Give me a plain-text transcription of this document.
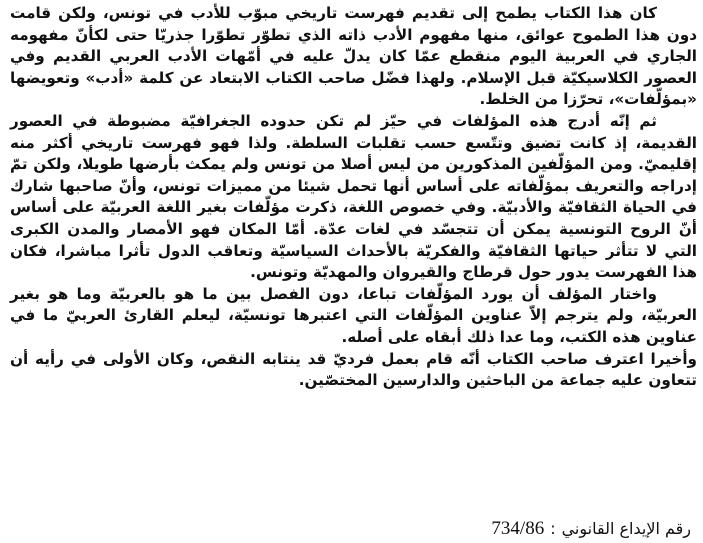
كان هذا الكتاب يطمح إلى تقديم فهرست تاريخي مبوّب للأدب في تونس، ولكن قامت دون هذا الطموح عوائق، منها مفهوم الأدب ذاته الذي تطوّر تطوّرا جذريّا حتى لكأنّ مفهومه الجاري في العربية اليوم منقطع عمّا كان يدلّ عليه في أمّهات الأدب العربي القديم وفي العصور الكلاسيكيّة قبل الإسلام. ولهذا فضّل صاحب الكتاب الابتعاد عن كلمة «أدب» وتعويضها «بمؤلّفات»، تحرّزا من الخلط.

ثم إنّه أدرج هذه المؤلفات في حيّز لم تكن حدوده الجغرافيّة مضبوطة في العصور القديمة، إذ كانت تضيق وتتّسع حسب تقلبات السلطة. ولذا فهو فهرست تاريخي أكثر منه إقليميّ. ومن المؤلّفين المذكورين من ليس أصلا من تونس ولم يمكث بأرضها طويلا، ولكن تمّ إدراجه والتعريف بمؤلّفاته على أساس أنها تحمل شيئا من مميزات تونس، وأنّ صاحبها شارك في الحياة الثقافيّة والأدبيّة. وفي خصوص اللغة، ذكرت مؤلّفات بغير اللغة العربيّة على أساس أنّ الروح التونسية يمكن أن تتجسّد في لغات عدّة. أمّا المكان فهو الأمصار والمدن الكبرى التي لا تتأثر حياتها الثقافيّة والفكريّة بالأحداث السياسيّة وتعاقب الدول تأثرا مباشرا، فكان هذا الفهرست يدور حول قرطاج والقيروان والمهديّة وتونس.

واختار المؤلف أن يورد المؤلّفات تباعا، دون الفصل بين ما هو بالعربيّة وما هو بغير العربيّة، ولم يترجم إلاّ عناوين المؤلّفات التي اعتبرها تونسيّة، ليعلم القارئ العربيّ ما في عناوين هذه الكتب، وما عدا ذلك أبقاه على أصله.

وأخيرا اعترف صاحب الكتاب أنّه قام بعمل فرديّ قد ينتابه النقص، وكان الأولى في رأيه أن تتعاون عليه جماعة من الباحثين والدارسين المختصّين.

رقم الإيداع القانوني:734/86
